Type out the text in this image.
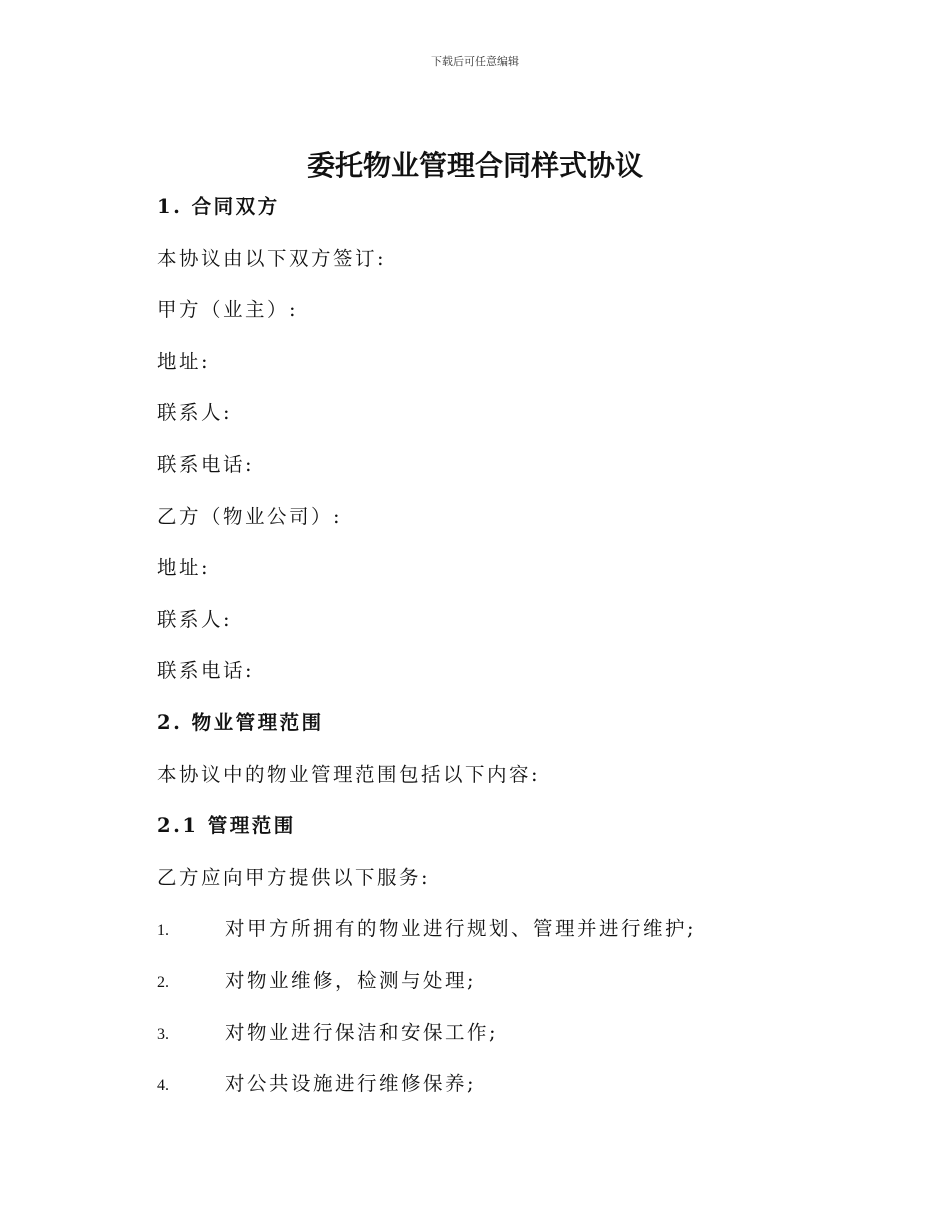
下载后可任意编辑
委托物业管理合同样式协议
1. 合同双方
本协议由以下双方签订:
甲方（业主）:
地址:
联系人:
联系电话:
乙方（物业公司）:
地址:
联系人:
联系电话:
2. 物业管理范围
本协议中的物业管理范围包括以下内容:
2.1 管理范围
乙方应向甲方提供以下服务:
1.	对甲方所拥有的物业进行规划、管理并进行维护;
2.	对物业维修，检测与处理;
3.	对物业进行保洁和安保工作;
4.	对公共设施进行维修保养;
